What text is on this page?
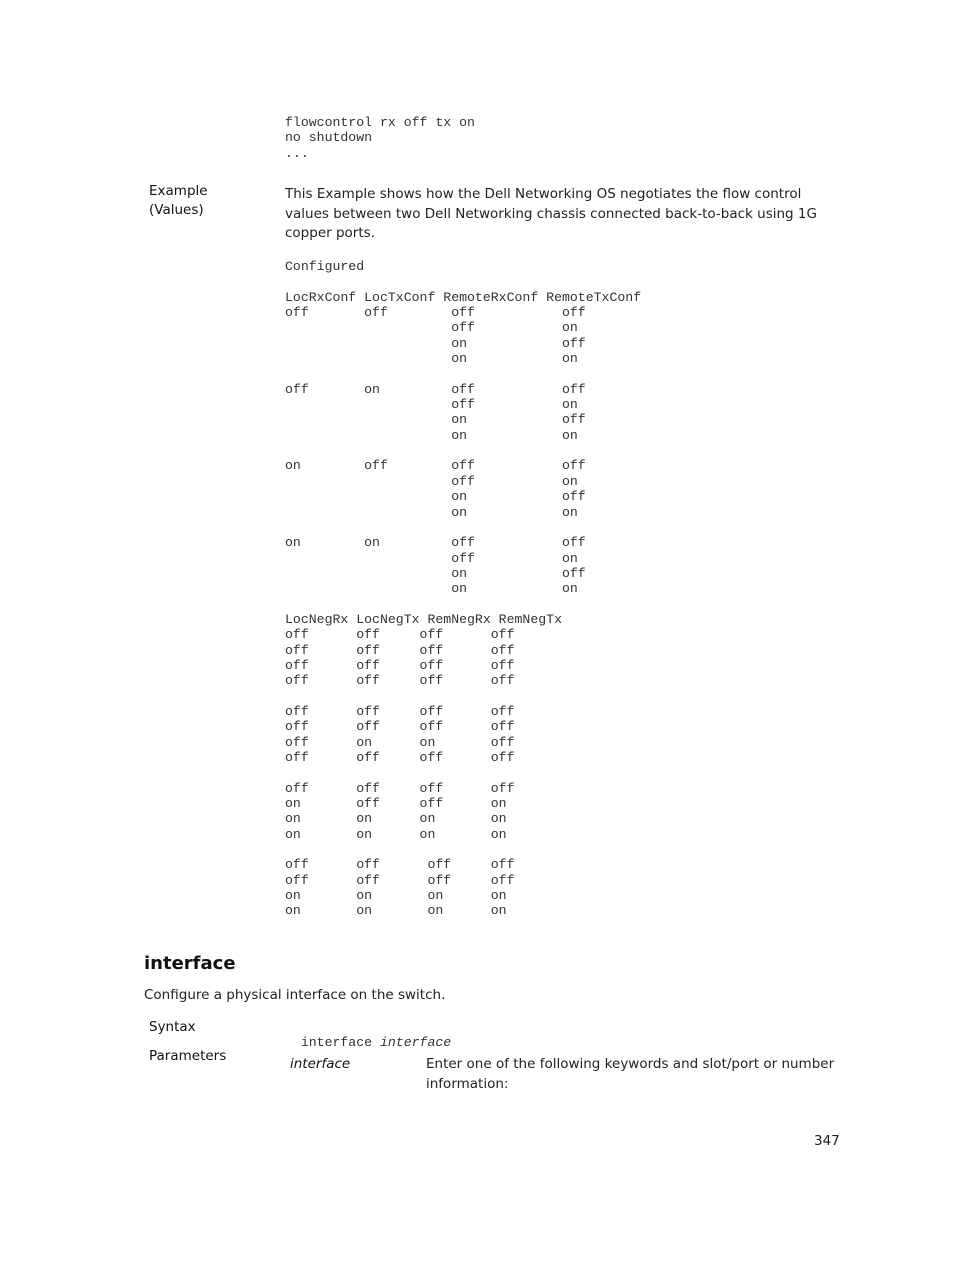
flowcontrol rx off tx on
no shutdown
...
Example
(Values)
This Example shows how the Dell Networking OS negotiates the flow control values between two Dell Networking chassis connected back-to-back using 1G copper ports.
Configured

LocRxConf LocTxConf RemoteRxConf RemoteTxConf
off       off        off           off
off           on
on            off
on            on

off       on         off           off
off           on
on            off
on            on

on        off        off           off
off           on
on            off
on            on

on        on         off           off
off           on
on            off
on            on

LocNegRx LocNegTx RemNegRx RemNegTx
off      off     off      off
off      off     off      off
off      off     off      off
off      off     off      off

off      off     off      off
off      off     off      off
off      on      on       off
off      off     off      off

off      off     off      off
on       off     off      on
on       on      on       on
on       on      on       on

off      off      off     off
off      off      off     off
on       on       on      on
on       on       on      on
interface
Configure a physical interface on the switch.
Syntax

interface interface

Parameters	interface	Enter one of the following keywords and slot/port or number information:
347
